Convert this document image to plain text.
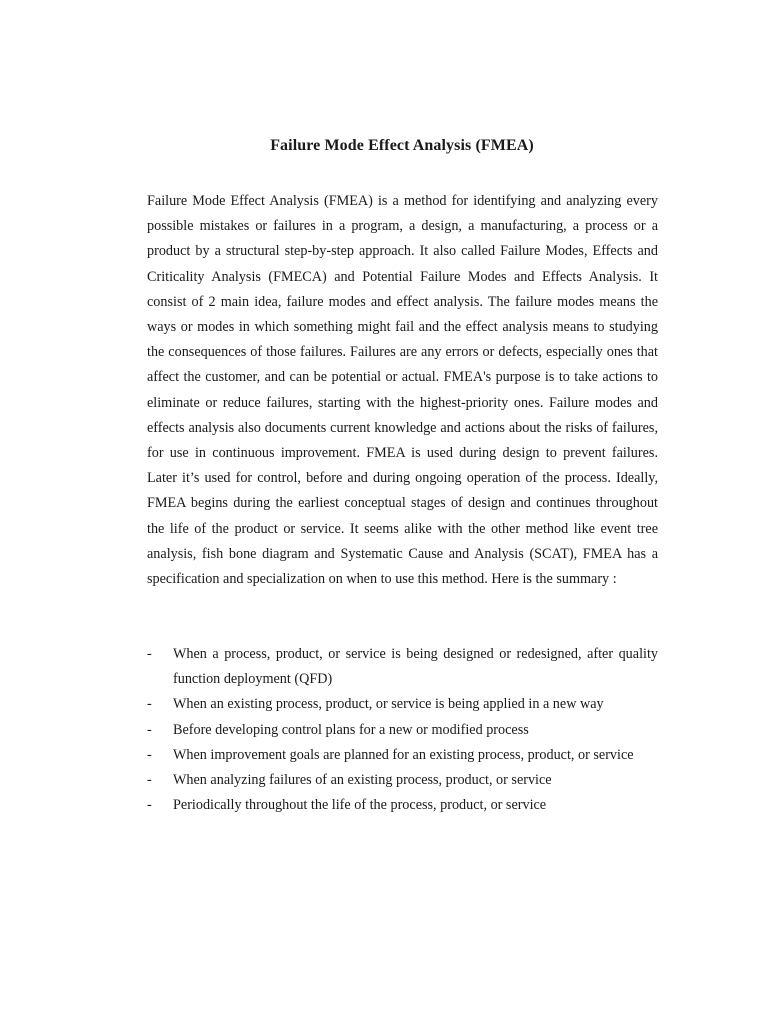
Failure Mode Effect Analysis (FMEA)

Failure Mode Effect Analysis (FMEA) is a method for identifying and analyzing every possible mistakes or failures in a program, a design, a manufacturing, a process or a product by a structural step-by-step approach. It also called Failure Modes, Effects and Criticality Analysis (FMECA) and Potential Failure Modes and Effects Analysis. It consist of 2 main idea, failure modes and effect analysis. The failure modes means the ways or modes in which something might fail and the effect analysis means to studying the consequences of those failures. Failures are any errors or defects, especially ones that affect the customer, and can be potential or actual. FMEA's purpose is to take actions to eliminate or reduce failures, starting with the highest-priority ones. Failure modes and effects analysis also documents current knowledge and actions about the risks of failures, for use in continuous improvement. FMEA is used during design to prevent failures. Later it’s used for control, before and during ongoing operation of the process. Ideally, FMEA begins during the earliest conceptual stages of design and continues throughout the life of the product or service. It seems alike with the other method like event tree analysis, fish bone diagram and Systematic Cause and Analysis (SCAT), FMEA has a specification and specialization on when to use this method. Here is the summary :

- When a process, product, or service is being designed or redesigned, after quality function deployment (QFD)
- When an existing process, product, or service is being applied in a new way
- Before developing control plans for a new or modified process
- When improvement goals are planned for an existing process, product, or service
- When analyzing failures of an existing process, product, or service
- Periodically throughout the life of the process, product, or service
